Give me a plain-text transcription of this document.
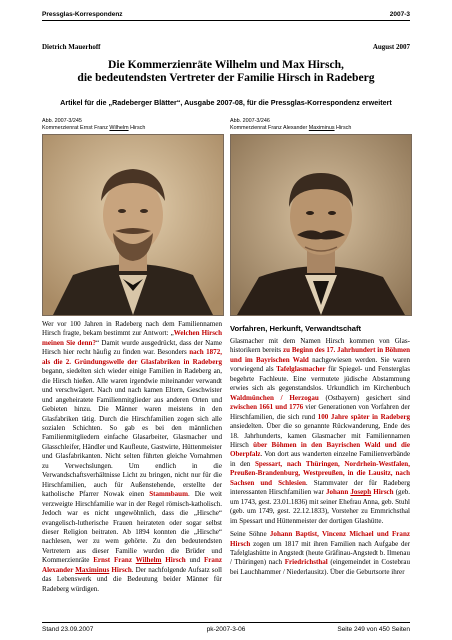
Pressglas-Korrespondenz	2007-3
Dietrich Mauerhoff	August 2007
Die Kommerzienräte Wilhelm und Max Hirsch,
die bedeutendsten Vertreter der Familie Hirsch in Radeberg
Artikel für die „Radeberger Blätter“, Ausgabe 2007-08, für die Pressglas-Korrespondenz erweitert
Abb. 2007-3/245
Kommerzienrat Ernst Franz Wilhelm Hirsch
Abb. 2007-3/246
Kommerzienrat Franz Alexander Maximinus Hirsch
Wer vor 100 Jahren in Radeberg nach dem Familiennamen Hirsch fragte, bekam bestimmt zur Antwort: „Welchen Hirsch meinen Sie denn?“ Damit wurde ausgedrückt, dass der Name Hirsch hier recht häufig zu finden war. Besonders nach 1872, als die 2. Gründungswelle der Glasfabriken in Radeberg begann, siedelten sich wieder einige Familien in Radeberg an, die Hirsch hießen. Alle waren irgendwie miteinander verwandt und verschwägert. Nach und nach kamen Eltern, Geschwister und angeheiratete Familienmitglieder aus anderen Orten und Gebieten hinzu. Die Männer waren meistens in den Glasfabriken tätig. Durch die Hirschfamilien zogen sich alle sozialen Schichten. So gab es bei den männlichen Familienmitgliedern einfache Glasarbeiter, Glasmacher und Glasschleifer, Händler und Kaufleute, Gastwirte, Hüttenmeister und Glasfabrikanten. Nicht selten führten gleiche Vornahmen zu Verwechslungen. Um endlich in die Verwandschaftsverhältnisse Licht zu bringen, nicht nur für die Hirschfamilien, auch für Außenstehende, erstellte der katholische Pfarrer Nowak einen Stammbaum. Die weit verzweigte Hirschfamilie war in der Regel römisch-katholisch. Jedoch war es nicht ungewöhnlich, dass die „Hirsche“ evangelisch-lutherische Frauen heirateten oder sogar selbst dieser Religion beitraten. Ab 1894 konnten die „Hirsche“ nachlesen, wer zu wem gehörte. Zu den bedeutendsten Vertretern aus dieser Familie wurden die Brüder und Kommerzienräte Ernst Franz Wilhelm Hirsch und Franz Alexander Maximinus Hirsch. Der nachfolgende Aufsatz soll das Lebenswerk und die Bedeutung beider Männer für Radeberg würdigen.
Vorfahren, Herkunft, Verwandtschaft
Glasmacher mit dem Namen Hirsch kommen von Glashistorikern bereits zu Beginn des 17. Jahrhundert in Böhmen und im Bayrischen Wald nachgewiesen werden. Sie waren vorwiegend als Tafelglasmacher für Spiegel- und Fensterglas begehrte Fachleute. Eine vermutete jüdische Abstammung erwies sich als gegenstandslos. Urkundlich im Kirchenbuch Waldmünchen / Herzogau (Ostbayern) gesichert sind zwischen 1661 und 1776 vier Generationen von Vorfahren der Hirschfamilien, die sich rund 100 Jahre später in Radeberg ansiedelten. Über die so genannte Rückwanderung, Ende des 18. Jahrhunderts, kamen Glasmacher mit Familiennamen Hirsch über Böhmen in den Bayrischen Wald und die Oberpfalz. Von dort aus wanderten einzelne Familienverbände in den Spessart, nach Thüringen, Nordrhein-Westfalen, Preußen-Brandenburg, Westpreußen, in die Lausitz, nach Sachsen und Schlesien. Stammvater der für Radeberg interessanten Hirschfamilien war Johann Joseph Hirsch (geb. um 1743, gest. 23.01.1836) mit seiner Ehefrau Anna, geb. Stuhl (geb. um 1749, gest. 22.12.1833), Vorsteher zu Emmrichsthal im Spessart und Hüttenmeister der dortigen Glashütte.
Seine Söhne Johann Baptist, Vincenz Michael und Franz Hirsch zogen um 1817 mit ihren Familien nach Aufgabe der Tafelglashütte in Angstedt (heute Gräfinau-Angstedt b. Ilmenau / Thüringen) nach Friedrichsthal (eingemeindet in Costebrau bei Lauchhammer / Niederlausitz). Über die Geburtsorte ihrer
Stand 23.09.2007	pk-2007-3-06	Seite 249 von 450 Seiten
